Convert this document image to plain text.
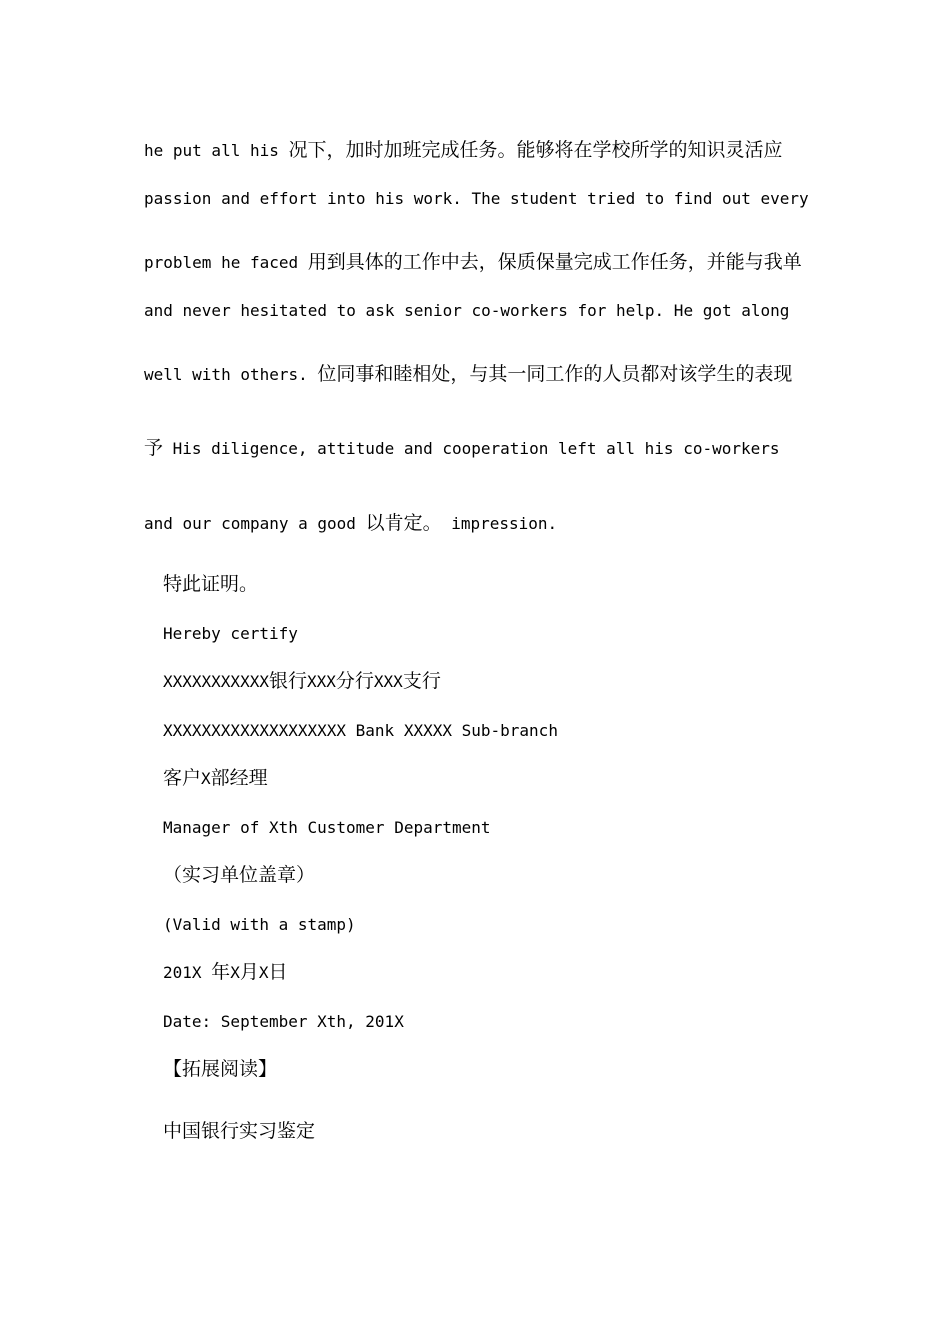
he put all his 况下，加时加班完成任务。能够将在学校所学的知识灵活应
passion and effort into his work. The student tried to find out every
problem he faced 用到具体的工作中去，保质保量完成工作任务，并能与我单
and never hesitated to ask senior co-workers for help. He got along
well with others. 位同事和睦相处，与其一同工作的人员都对该学生的表现
予 His diligence, attitude and cooperation left all his co-workers
and our company a good 以肯定。 impression.
特此证明。
Hereby certify
XXXXXXXXXXX银行XXX分行XXX支行
XXXXXXXXXXXXXXXXXXX Bank XXXXX Sub-branch
客户X部经理
Manager of Xth Customer Department
（实习单位盖章）
(Valid with a stamp)
201X 年X月X日
Date: September Xth, 201X
【拓展阅读】
中国银行实习鉴定
